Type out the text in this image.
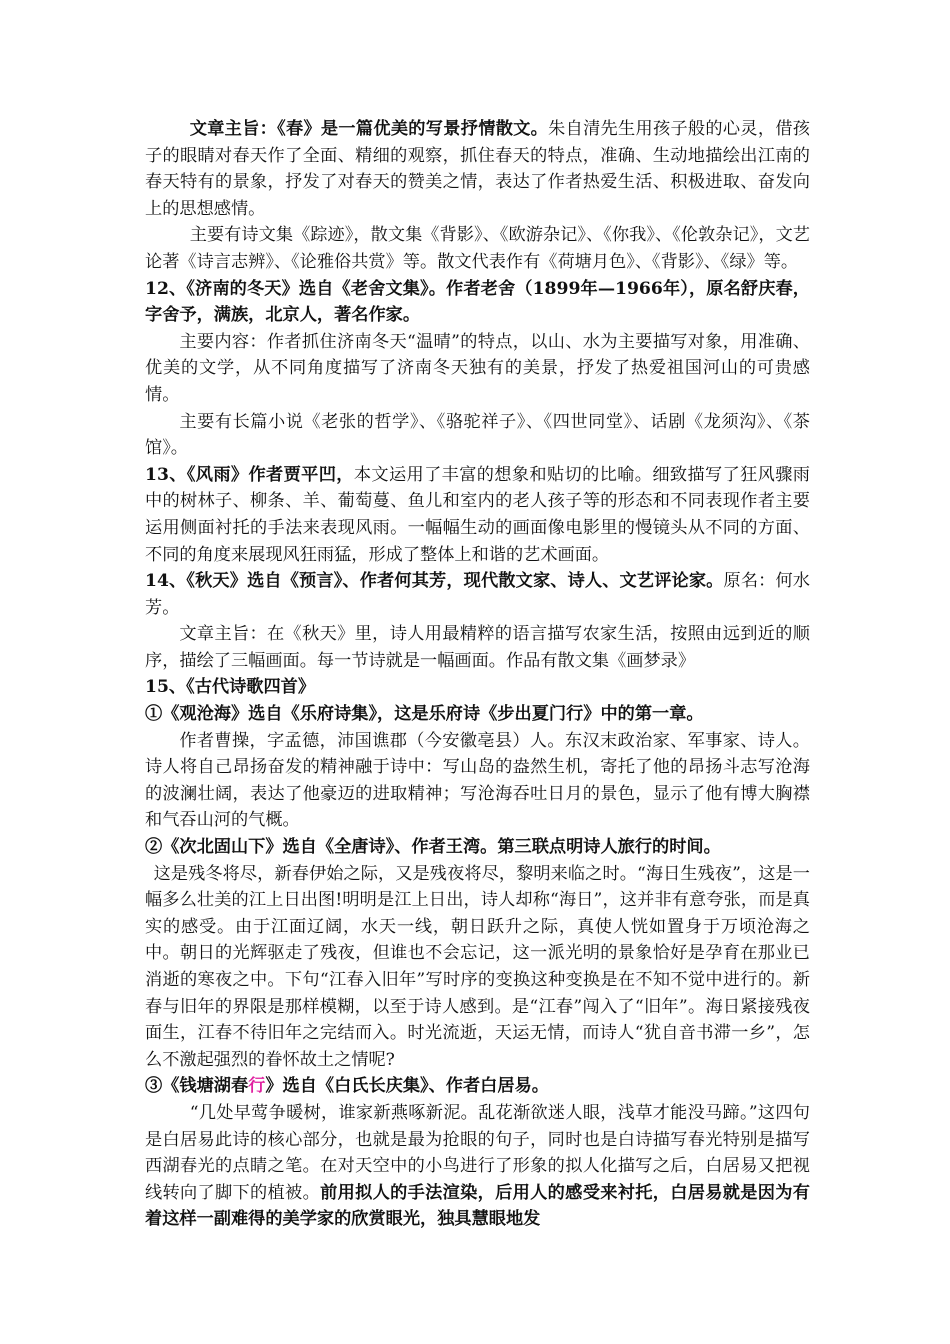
文章主旨：《春》是一篇优美的写景抒情散文。朱自清先生用孩子般的心灵，借孩子的眼睛对春天作了全面、精细的观察，抓住春天的特点，准确、生动地描绘出江南的春天特有的景象，抒发了对春天的赞美之情，表达了作者热爱生活、积极进取、奋发向上的思想感情。

主要有诗文集《踪迹》，散文集《背影》、《欧游杂记》、《你我》、《伦敦杂记》，文艺论著《诗言志辨》、《论雅俗共赏》等。散文代表作有《荷塘月色》、《背影》、《绿》等。

12、《济南的冬天》选自《老舍文集》。作者老舍（1899年—1966年），原名舒庆春，字舍予，满族，北京人，著名作家。

主要内容：作者抓住济南冬天“温晴”的特点，以山、水为主要描写对象，用准确、优美的文学，从不同角度描写了济南冬天独有的美景，抒发了热爱祖国河山的可贵感情。

主要有长篇小说《老张的哲学》、《骆驼祥子》、《四世同堂》、话剧《龙须沟》、《茶馆》。

13、《风雨》作者贾平凹，本文运用了丰富的想象和贴切的比喻。细致描写了狂风骤雨中的树林子、柳条、羊、葡萄蔓、鱼儿和室内的老人孩子等的形态和不同表现作者主要运用侧面衬托的手法来表现风雨。一幅幅生动的画面像电影里的慢镜头从不同的方面、不同的角度来展现风狂雨猛，形成了整体上和谐的艺术画面。

14、《秋天》选自《预言》、作者何其芳，现代散文家、诗人、文艺评论家。原名：何水芳。

文章主旨：在《秋天》里，诗人用最精粹的语言描写农家生活，按照由远到近的顺序，描绘了三幅画面。每一节诗就是一幅画面。作品有散文集《画梦录》

15、《古代诗歌四首》

①《观沧海》选自《乐府诗集》，这是乐府诗《步出夏门行》中的第一章。

作者曹操，字孟德，沛国谯郡（今安徽亳县）人。东汉末政治家、军事家、诗人。诗人将自己昂扬奋发的精神融于诗中：写山岛的盎然生机，寄托了他的昂扬斗志写沧海的波澜壮阔，表达了他豪迈的进取精神；写沧海吞吐日月的景色，显示了他有博大胸襟和气吞山河的气概。

②《次北固山下》选自《全唐诗》、作者王湾。第三联点明诗人旅行的时间。

这是残冬将尽，新春伊始之际，又是残夜将尽，黎明来临之时。“海日生残夜”，这是一幅多么壮美的江上日出图!明明是江上日出，诗人却称“海日”，这并非有意夸张，而是真实的感受。由于江面辽阔，水天一线，朝日跃升之际，真使人恍如置身于万顷沧海之中。朝日的光辉驱走了残夜，但谁也不会忘记，这一派光明的景象恰好是孕育在那业已消逝的寒夜之中。下句“江春入旧年”写时序的变换这种变换是在不知不觉中进行的。新春与旧年的界限是那样模糊，以至于诗人感到。是“江春”闯入了“旧年”。海日紧接残夜面生，江春不待旧年之完结而入。时光流逝，天运无情，而诗人“犹自音书滞一乡”，怎么不激起强烈的眷怀故土之情呢?

③《钱塘湖春行》选自《白氏长庆集》、作者白居易。

“几处早莺争暖树，谁家新燕啄新泥。乱花渐欲迷人眼，浅草才能没马蹄。”这四句是白居易此诗的核心部分，也就是最为抢眼的句子，同时也是白诗描写春光特别是描写西湖春光的点睛之笔。在对天空中的小鸟进行了形象的拟人化描写之后，白居易又把视线转向了脚下的植被。前用拟人的手法渲染，后用人的感受来衬托，白居易就是因为有着这样一副难得的美学家的欣赏眼光，独具慧眼地发
